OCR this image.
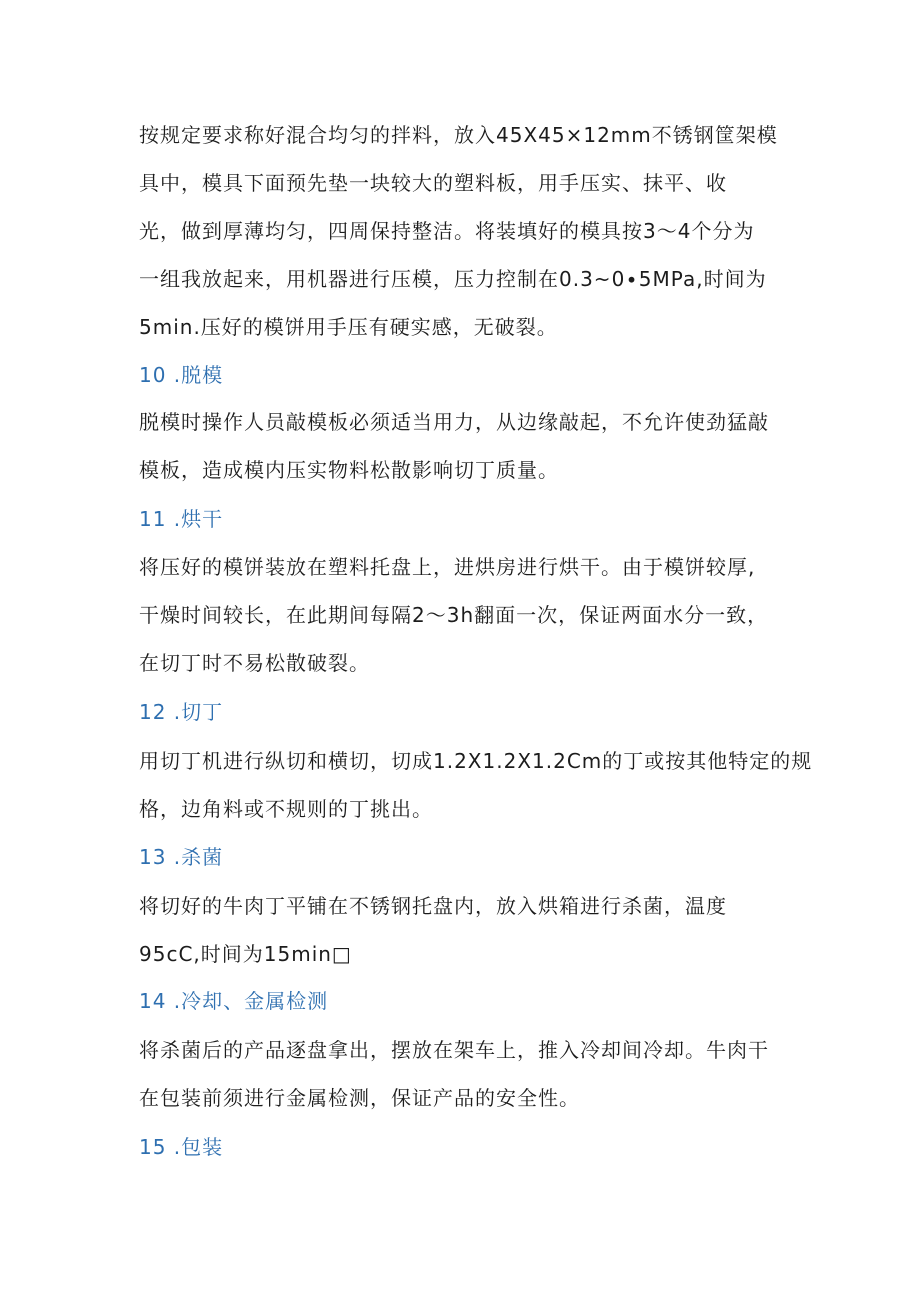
按规定要求称好混合均匀的拌料，放入45X45×12mm不锈钢筐架模
具中，模具下面预先垫一块较大的塑料板，用手压实、抹平、收
光，做到厚薄均匀，四周保持整洁。将装填好的模具按3〜4个分为
一组我放起来，用机器进行压模，压力控制在0.3~0∙5MPa,时间为
5min.压好的模饼用手压有硬实感，无破裂。
10 .脱模
脱模时操作人员敲模板必须适当用力，从边缘敲起，不允许使劲猛敲
模板，造成模内压实物料松散影响切丁质量。
11 .烘干
将压好的模饼装放在塑料托盘上，进烘房进行烘干。由于模饼较厚,
干燥时间较长，在此期间每隔2〜3h翻面一次，保证两面水分一致，
在切丁时不易松散破裂。
12 .切丁
用切丁机进行纵切和横切，切成1.2X1.2X1.2Cm的丁或按其他特定的规
格，边角料或不规则的丁挑出。
13 .杀菌
将切好的牛肉丁平铺在不锈钢托盘内，放入烘箱进行杀菌，温度
95cC,时间为15min□
14 .冷却、金属检测
将杀菌后的产品逐盘拿出，摆放在架车上，推入冷却间冷却。牛肉干
在包装前须进行金属检测，保证产品的安全性。
15 .包装
